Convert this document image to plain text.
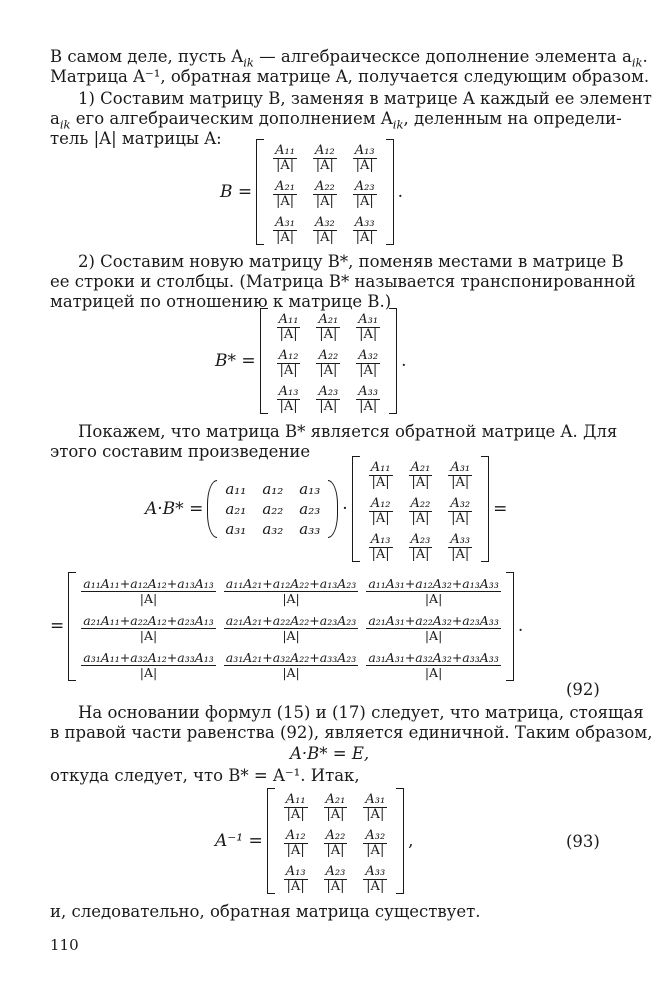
В самом деле, пусть $A_{ik}$ — алгебраическсе дополнение элемента $a_{ik}$.
Матрица A⁻¹, обратная матрице A, получается следующим образом.
1) Составим матрицу B, заменяя в матрице A каждый ее элемент
$a_{ik}$ его алгебраическим дополнением $A_{ik}$, деленным на определи-
тель |A| матрицы A:
B =
$\frac{\text{A₁₁}}{|A|}$	$\frac{\text{A₁₂}}{|A|}$	$\frac{\text{A₁₃}}{|A|}$

$\frac{\text{A₂₁}}{|A|}$	$\frac{\text{A₂₂}}{|A|}$	$\frac{\text{A₂₃}}{|A|}$

$\frac{\text{A₃₁}}{|A|}$	$\frac{\text{A₃₂}}{|A|}$	$\frac{\text{A₃₃}}{|A|}$
.
2) Составим новую матрицу B*, поменяв местами в матрице B
ее строки и столбцы. (Матрица B* называется транспонированной
матрицей по отношению к матрице B.)
B* =
$\frac{\text{A₁₁}}{|A|}$	$\frac{\text{A₂₁}}{|A|}$	$\frac{\text{A₃₁}}{|A|}$

$\frac{\text{A₁₂}}{|A|}$	$\frac{\text{A₂₂}}{|A|}$	$\frac{\text{A₃₂}}{|A|}$

$\frac{\text{A₁₃}}{|A|}$	$\frac{\text{A₂₃}}{|A|}$	$\frac{\text{A₃₃}}{|A|}$
.
Покажем, что матрица B* является обратной матрице A. Для
этого составим произведение
A·B* =
a₁₁	a₁₂	a₁₃
a₂₁	a₂₂	a₂₃
a₃₁	a₃₂	a₃₃
·
$\frac{\text{A₁₁}}{|A|}$	$\frac{\text{A₂₁}}{|A|}$	$\frac{\text{A₃₁}}{|A|}$

$\frac{\text{A₁₂}}{|A|}$	$\frac{\text{A₂₂}}{|A|}$	$\frac{\text{A₃₂}}{|A|}$

$\frac{\text{A₁₃}}{|A|}$	$\frac{\text{A₂₃}}{|A|}$	$\frac{\text{A₃₃}}{|A|}$
=
=
$\frac{\text{a₁₁A₁₁+a₁₂A₁₂+a₁₃A₁₃}}{|A|}$	$\frac{\text{a₁₁A₂₁+a₁₂A₂₂+a₁₃A₂₃}}{|A|}$	$\frac{\text{a₁₁A₃₁+a₁₂A₃₂+a₁₃A₃₃}}{|A|}$

$\frac{\text{a₂₁A₁₁+a₂₂A₁₂+a₂₃A₁₃}}{|A|}$	$\frac{\text{a₂₁A₂₁+a₂₂A₂₂+a₂₃A₂₃}}{|A|}$	$\frac{\text{a₂₁A₃₁+a₂₂A₃₂+a₂₃A₃₃}}{|A|}$

$\frac{\text{a₃₁A₁₁+a₃₂A₁₂+a₃₃A₁₃}}{|A|}$	$\frac{\text{a₃₁A₂₁+a₃₂A₂₂+a₃₃A₂₃}}{|A|}$	$\frac{\text{a₃₁A₃₁+a₃₂A₃₂+a₃₃A₃₃}}{|A|}$
.
(92)
На основании формул (15) и (17) следует, что матрица, стоящая
в правой части равенства (92), является единичной. Таким образом,
A·B* = E,
откуда следует, что B* = A⁻¹. Итак,
A⁻¹ =
$\frac{\text{A₁₁}}{|A|}$	$\frac{\text{A₂₁}}{|A|}$	$\frac{\text{A₃₁}}{|A|}$

$\frac{\text{A₁₂}}{|A|}$	$\frac{\text{A₂₂}}{|A|}$	$\frac{\text{A₃₂}}{|A|}$

$\frac{\text{A₁₃}}{|A|}$	$\frac{\text{A₂₃}}{|A|}$	$\frac{\text{A₃₃}}{|A|}$
,	(93)
и, следовательно, обратная матрица существует.
110
